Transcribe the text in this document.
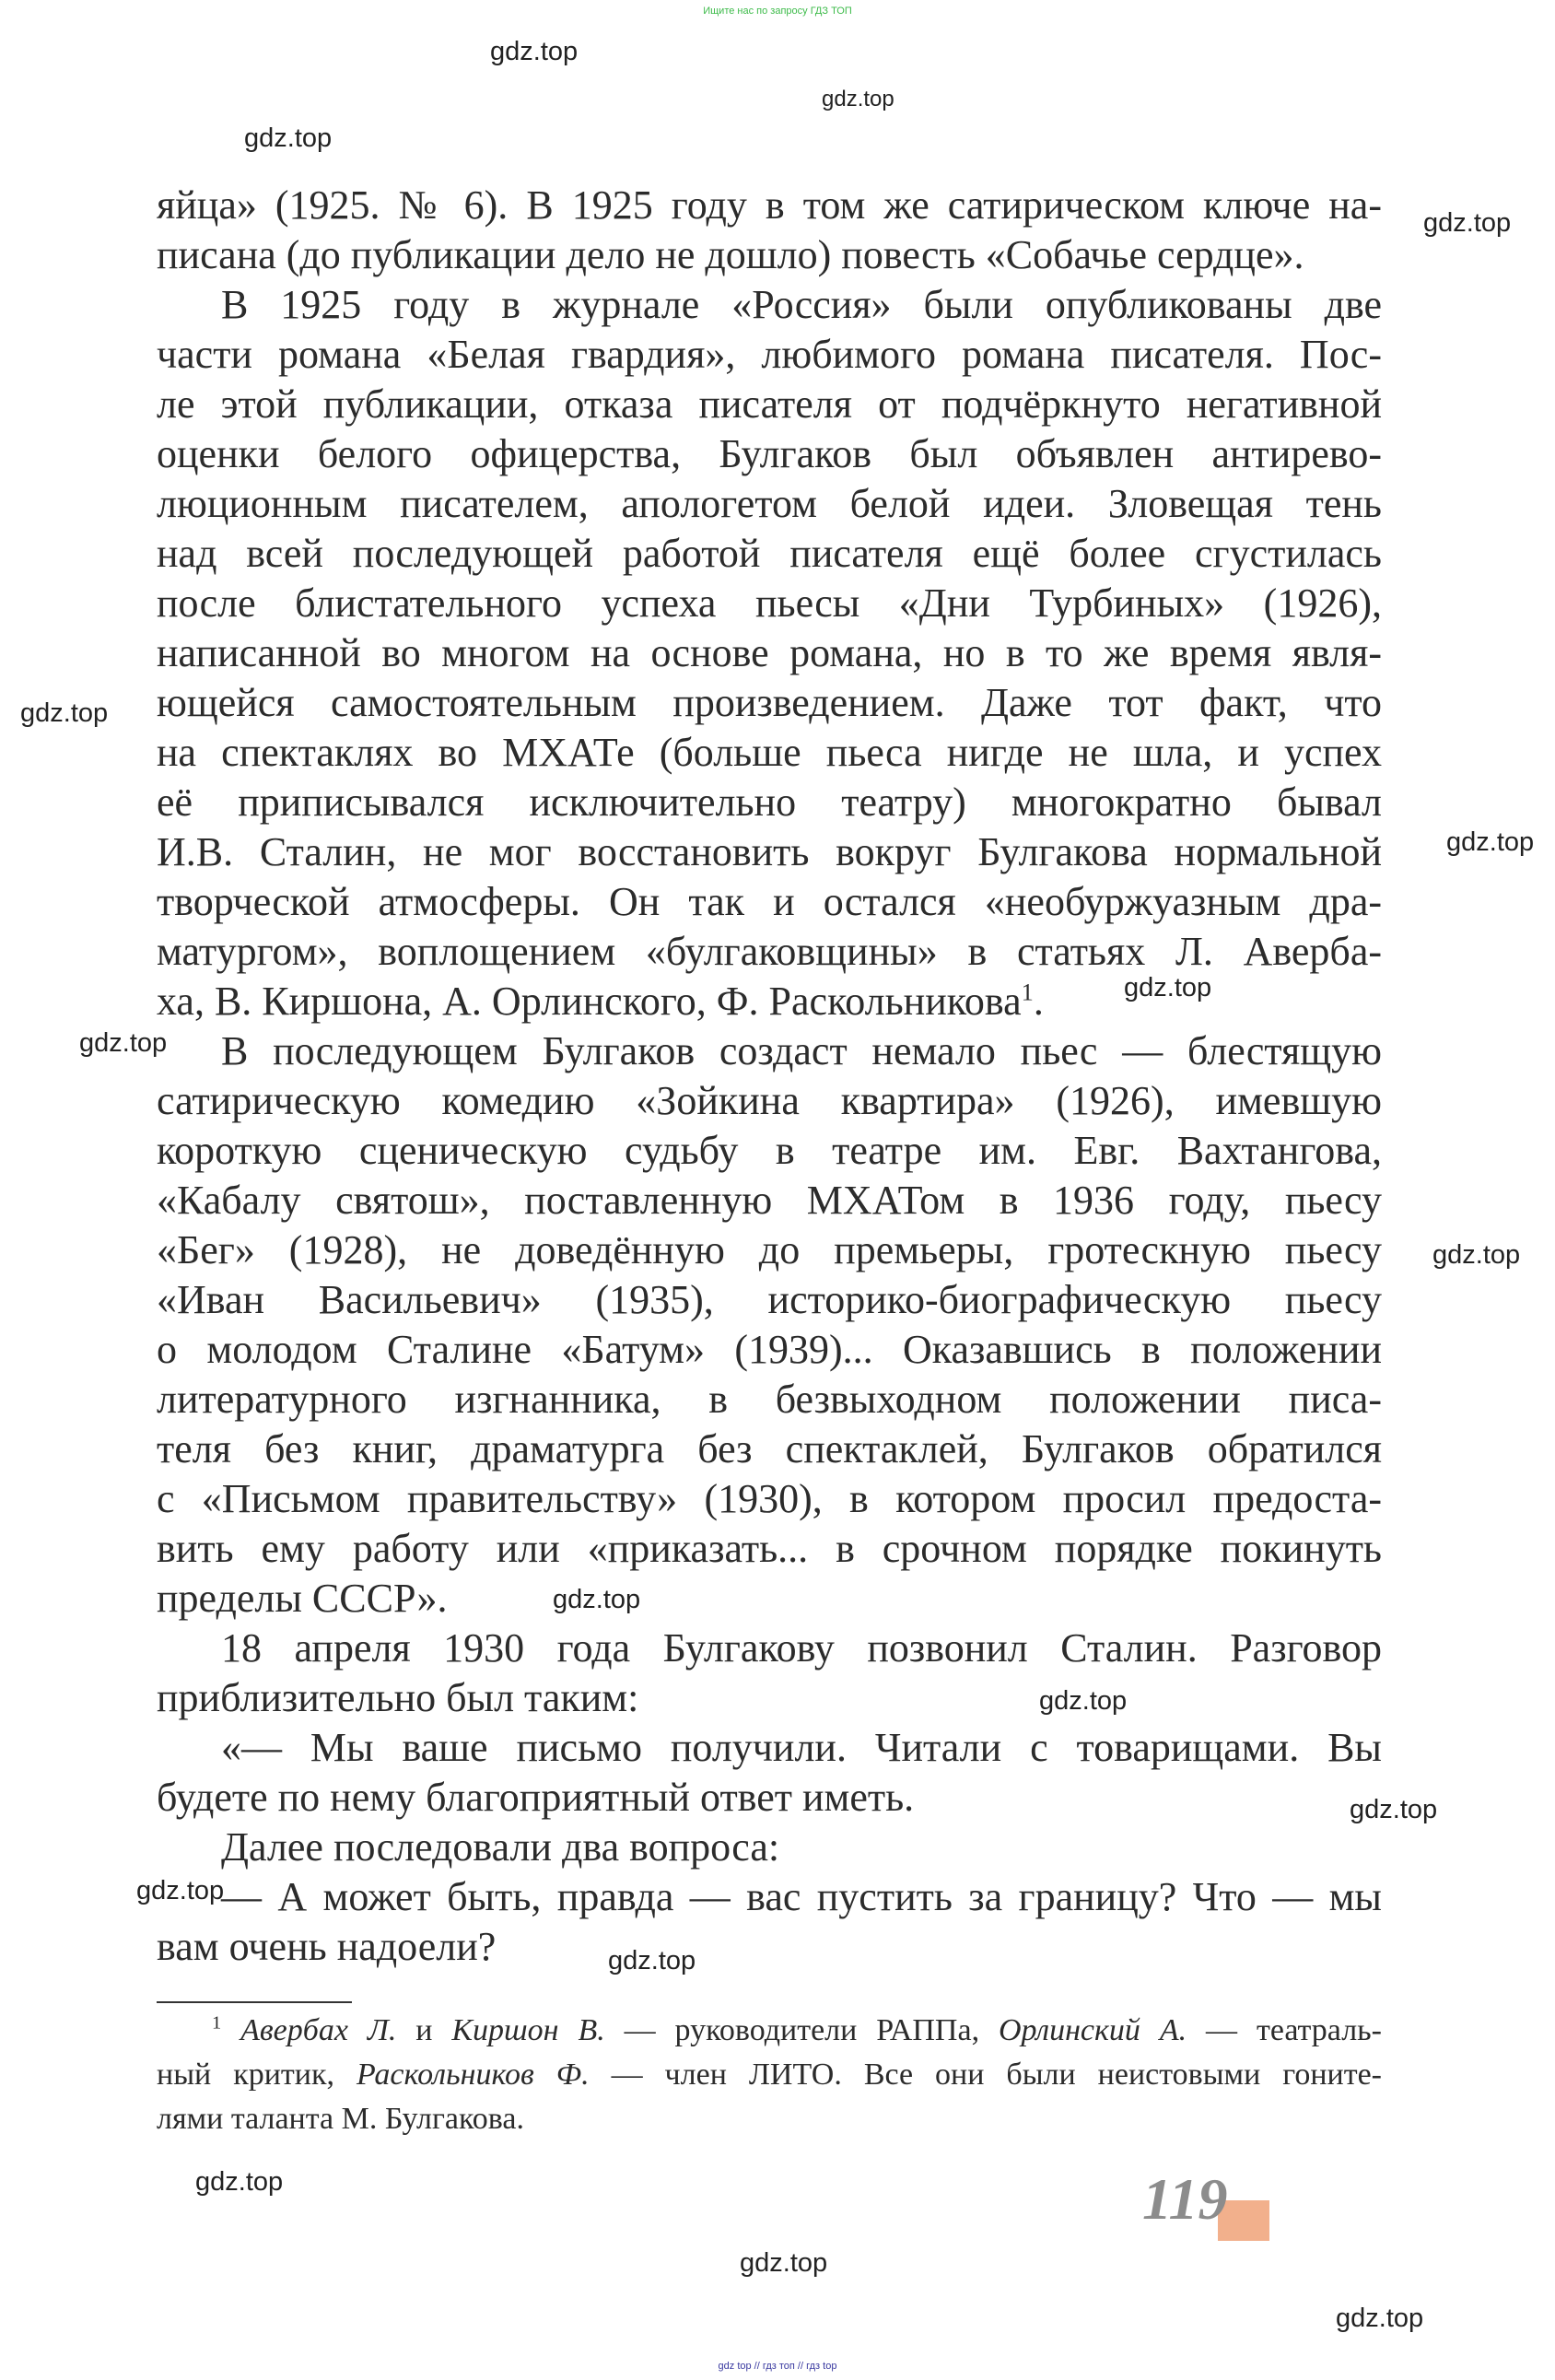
Ищите нас по запросу ГДЗ ТОП
gdz.top
gdz.top
gdz.top
gdz.top
gdz.top
gdz.top
gdz.top
gdz.top
gdz.top
gdz.top
gdz.top
gdz.top
gdz.top
gdz.top
gdz.top
gdz.top
gdz.top
яйца» (1925. № 6). В 1925 году в том же сатирическом ключе на-
писана (до публикации дело не дошло) повесть «Собачье сердце».
В 1925 году в журнале «Россия» были опубликованы две
части романа «Белая гвардия», любимого романа писателя. Пос-
ле этой публикации, отказа писателя от подчёркнуто негативной
оценки белого офицерства, Булгаков был объявлен антирево-
люционным писателем, апологетом белой идеи. Зловещая тень
над всей последующей работой писателя ещё более сгустилась
после блистательного успеха пьесы «Дни Турбиных» (1926),
написанной во многом на основе романа, но в то же время явля-
ющейся самостоятельным произведением. Даже тот факт, что
на спектаклях во МХАТе (больше пьеса нигде не шла, и успех
её приписывался исключительно театру) многократно бывал
И.В. Сталин, не мог восстановить вокруг Булгакова нормальной
творческой атмосферы. Он так и остался «необуржуазным дра-
матургом», воплощением «булгаковщины» в статьях Л. Аверба-
ха, В. Киршона, А. Орлинского, Ф. Раскольникова$^1$.
В последующем Булгаков создаст немало пьес — блестящую
сатирическую комедию «Зойкина квартира» (1926), имевшую
короткую сценическую судьбу в театре им. Евг. Вахтангова,
«Кабалу святош», поставленную МХАТом в 1936 году, пьесу
«Бег» (1928), не доведённую до премьеры, гротескную пьесу
«Иван Васильевич» (1935), историко-биографическую пьесу
о молодом Сталине «Батум» (1939)... Оказавшись в положении
литературного изгнанника, в безвыходном положении писа-
теля без книг, драматурга без спектаклей, Булгаков обратился
с «Письмом правительству» (1930), в котором просил предоста-
вить ему работу или «приказать... в срочном порядке покинуть
пределы СССР».
18 апреля 1930 года Булгакову позвонил Сталин. Разговор
приблизительно был таким:
«— Мы ваше письмо получили. Читали с товарищами. Вы
будете по нему благоприятный ответ иметь.
Далее последовали два вопроса:
— А может быть, правда — вас пустить за границу? Что — мы
вам очень надоели?
$^1$ Авербах Л. и Киршон В. — руководители РАППа, Орлинский А. — театраль-
ный критик, Раскольников Ф. — член ЛИТО. Все они были неистовыми гоните-
лями таланта М. Булгакова.
119
gdz top // гдз топ // гдз top
